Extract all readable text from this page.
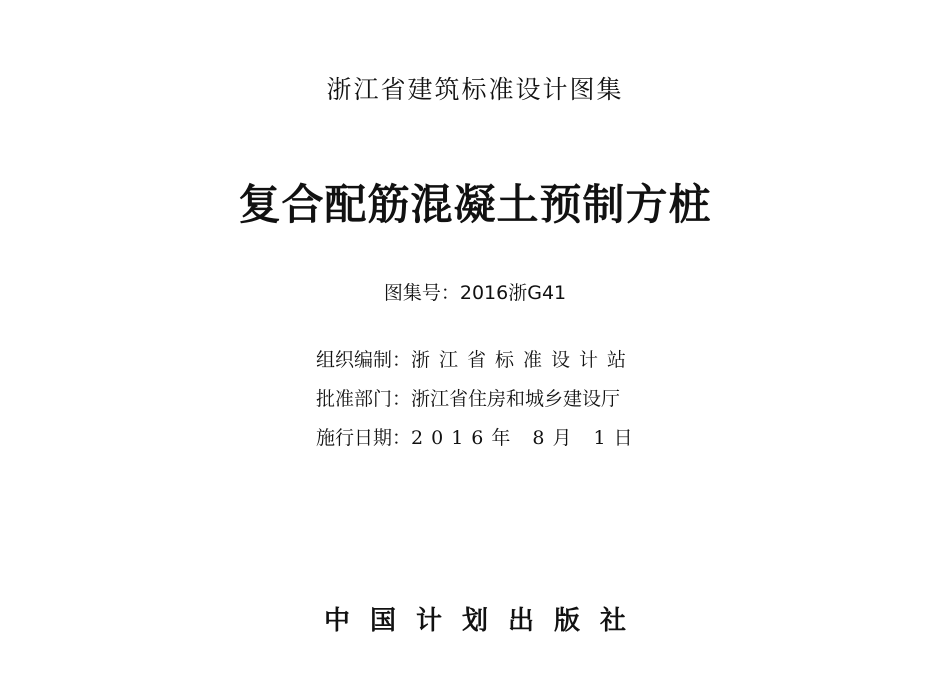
浙江省建筑标准设计图集
复合配筋混凝土预制方桩
图集号：2016浙G41
组织编制：浙江省标准设计站
批准部门：浙江省住房和城乡建设厅
施行日期：2016年 8月 1日
中国计划出版社
